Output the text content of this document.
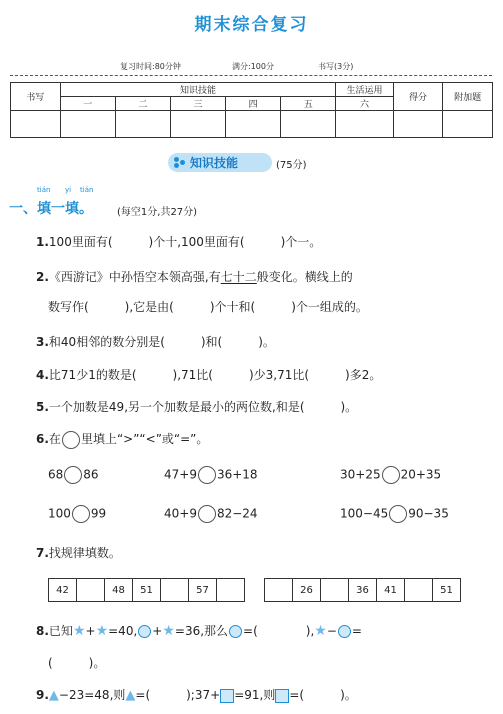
期末综合复习
复习时间:80分钟	满分:100分	书写(3分)
书写	知识技能					生活运用	得分	附加题
	一	二	三	四	五	六		

知识技能	(75分)
tián yi tián
一、填一填。 (每空1分,共27分)
1.100里面有(　　　)个十,100里面有(　　　)个一。
2.《西游记》中孙悟空本领高强,有七十二般变化。横线上的
数写作(　　　),它是由(　　　)个十和(　　　)个一组成的。
3.和40相邻的数分别是(　　　)和(　　　)。
4.比71少1的数是(　　　),71比(　　　)少3,71比(　　　)多2。
5.一个加数是49,另一个加数是最小的两位数,和是(　　　)。
6.在 里填上“>”“<”或“=”。
68 86	47+9 36+18	30+25 20+35
100 99	40+9 82−24	100−45 90−35
7.找规律填数。
42		48	51		57	
		26		36	41		51
8.已知★+★=40, +★=36,那么 =(　　　　),★− =
(　　　)。
9.▲−23=48,则▲=(　　　);37+ =91,则 =(　　　)。
